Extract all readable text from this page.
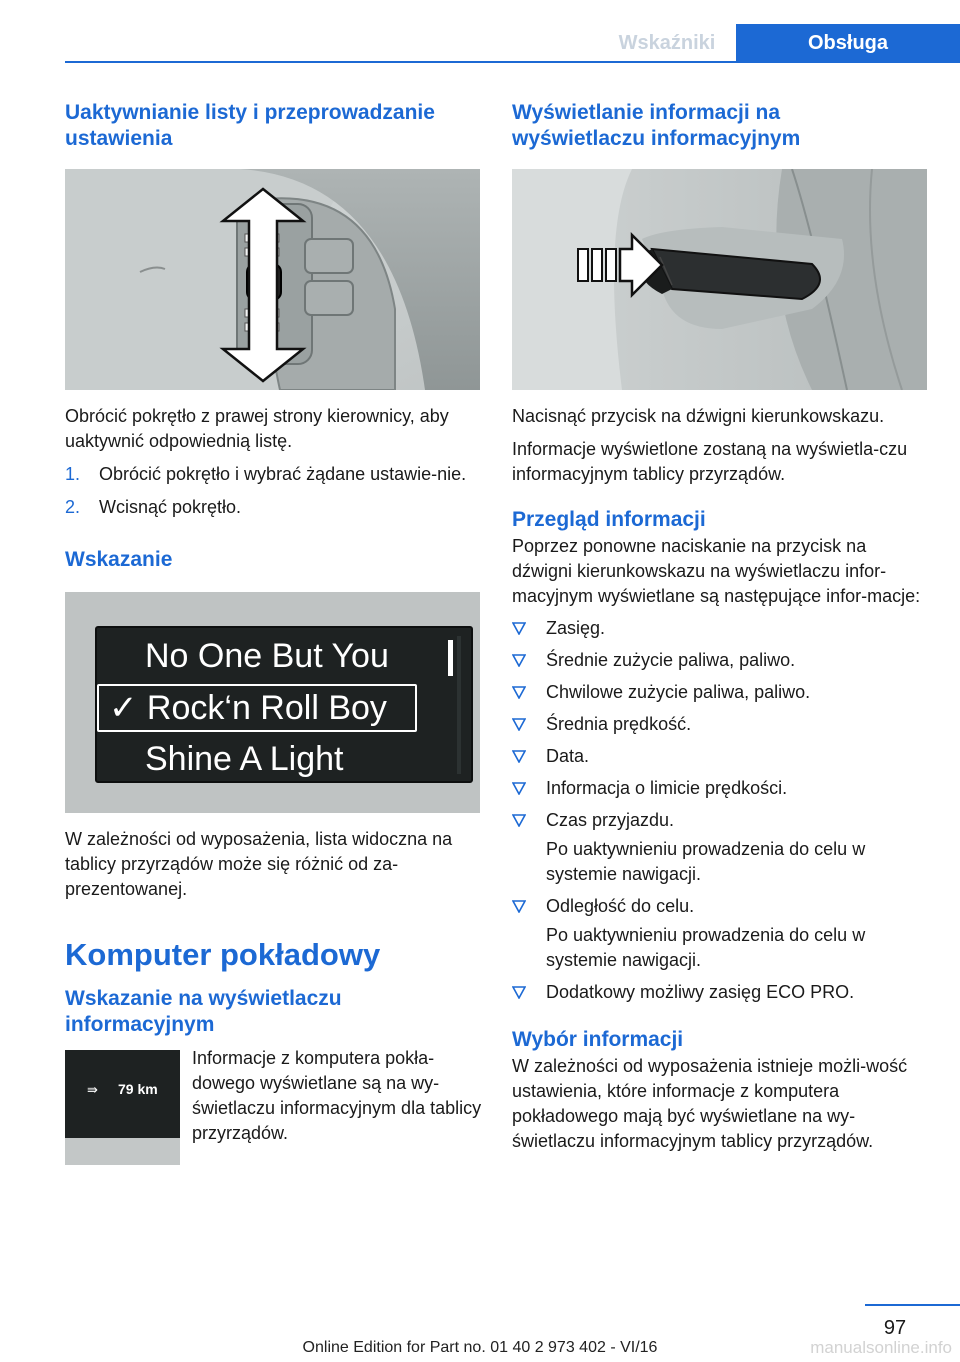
Wskaźniki	Obsługa
Uaktywnianie listy i przeprowadzanie ustawienia
Obrócić pokrętło z prawej strony kierownicy, aby uaktywnić odpowiednią listę.
1. Obrócić pokrętło i wybrać żądane ustawie‐nie.
2. Wcisnąć pokrętło.
Wskazanie
No One But You
✓ Rock‘n Roll Boy
Shine A Light
W zależności od wyposażenia, lista widoczna na tablicy przyrządów może się różnić od za‐prezentowanej.
Komputer pokładowy
Wskazanie na wyświetlaczu informacyjnym
⇛ 79 km
Informacje z komputera pokła‐dowego wyświetlane są na wy‐świetlaczu informacyjnym dla tablicy przyrządów.
Wyświetlanie informacji na wyświetlaczu informacyjnym
Nacisnąć przycisk na dźwigni kierunkowskazu.
Informacje wyświetlone zostaną na wyświetla‐czu informacyjnym tablicy przyrządów.
Przegląd informacji
Poprzez ponowne naciskanie na przycisk na dźwigni kierunkowskazu na wyświetlaczu infor‐macyjnym wyświetlane są następujące infor‐macje:
Zasięg.
Średnie zużycie paliwa, paliwo.
Chwilowe zużycie paliwa, paliwo.
Średnia prędkość.
Data.
Informacja o limicie prędkości.
Czas przyjazdu.
Po uaktywnieniu prowadzenia do celu w systemie nawigacji.
Odległość do celu.
Po uaktywnieniu prowadzenia do celu w systemie nawigacji.
Dodatkowy możliwy zasięg ECO PRO.
Wybór informacji
W zależności od wyposażenia istnieje możli‐wość ustawienia, które informacje z komputera pokładowego mają być wyświetlane na wy‐świetlaczu informacyjnym tablicy przyrządów.
97
manualsonline.info
Online Edition for Part no. 01 40 2 973 402 - VI/16
